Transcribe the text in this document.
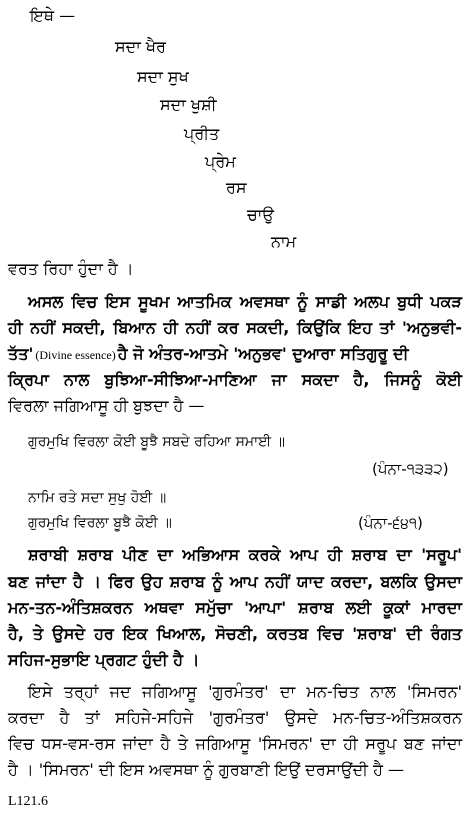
ਇਥੇ —
ਸਦਾ ਖੈਰ
ਸਦਾ ਸੁਖ
ਸਦਾ ਖੁਸ਼ੀ
ਪ੍ਰੀਤ
ਪ੍ਰੇਮ
ਰਸ
ਚਾਉ
ਨਾਮ
ਵਰਤ ਰਿਹਾ ਹੁੰਦਾ ਹੈ ।
ਅਸਲ ਵਿਚ ਇਸ ਸੂਖਮ ਆਤਮਿਕ ਅਵਸਥਾ ਨੂੰ ਸਾਡੀ ਅਲਪ ਬੁਧੀ ਪਕੜ
ਹੀ ਨਹੀਂ ਸਕਦੀ, ਬਿਆਨ ਹੀ ਨਹੀਂ ਕਰ ਸਕਦੀ, ਕਿਉਂਕਿ ਇਹ ਤਾਂ 'ਅਨੁਭਵੀ-
ਤੱਤ' (Divine essence) ਹੈ ਜੋ ਅੰਤਰ-ਆਤਮੇ 'ਅਨੁਭਵ' ਦੁਆਰਾ ਸਤਿਗੁਰੂ ਦੀ
ਕ੍ਰਿਪਾ ਨਾਲ ਬੁਝਿਆ-ਸੀਝਿਆ-ਮਾਣਿਆ ਜਾ ਸਕਦਾ ਹੈ, ਜਿਸਨੂੰ ਕੋਈ
ਵਿਰਲਾ ਜਗਿਆਸੂ ਹੀ ਬੁਝਦਾ ਹੈ —
ਗੁਰਮੁਖਿ ਵਿਰਲਾ ਕੋਈ ਬੂਝੈ ਸਬਦੇ ਰਹਿਆ ਸਮਾਈ ॥
(ਪੰਨਾ-੧੩੩੨)
ਨਾਮਿ ਰਤੇ ਸਦਾ ਸੁਖੁ ਹੋਈ ॥
ਗੁਰਮੁਖਿ ਵਿਰਲਾ ਬੂਝੈ ਕੋਈ ॥	(ਪੰਨਾ-੬੪੧)
ਸ਼ਰਾਬੀ ਸ਼ਰਾਬ ਪੀਣ ਦਾ ਅਭਿਆਸ ਕਰਕੇ ਆਪ ਹੀ ਸ਼ਰਾਬ ਦਾ 'ਸਰੂਪ'
ਬਣ ਜਾਂਦਾ ਹੈ । ਫਿਰ ਉਹ ਸ਼ਰਾਬ ਨੂੰ ਆਪ ਨਹੀਂ ਯਾਦ ਕਰਦਾ, ਬਲਕਿ ਉਸਦਾ
ਮਨ-ਤਨ-ਅੰਤਿਸ਼ਕਰਨ ਅਥਵਾ ਸਮੁੱਚਾ 'ਆਪਾ' ਸ਼ਰਾਬ ਲਈ ਕੂਕਾਂ ਮਾਰਦਾ
ਹੈ, ਤੇ ਉਸਦੇ ਹਰ ਇਕ ਖਿਆਲ, ਸੋਚਣੀ, ਕਰਤਬ ਵਿਚ 'ਸ਼ਰਾਬ' ਦੀ ਰੰਗਤ
ਸਹਿਜ-ਸੁਭਾਇ ਪ੍ਰਗਟ ਹੁੰਦੀ ਹੈ ।
ਇਸੇ ਤਰ੍ਹਾਂ ਜਦ ਜਗਿਆਸੂ 'ਗੁਰਮੰਤਰ' ਦਾ ਮਨ-ਚਿਤ ਨਾਲ 'ਸਿਮਰਨ'
ਕਰਦਾ ਹੈ ਤਾਂ ਸਹਿਜੇ-ਸਹਿਜੇ 'ਗੁਰਮੰਤਰ' ਉਸਦੇ ਮਨ-ਚਿਤ-ਅੰਤਿਸ਼ਕਰਨ
ਵਿਚ ਧਸ-ਵਸ-ਰਸ ਜਾਂਦਾ ਹੈ ਤੇ ਜਗਿਆਸੂ 'ਸਿਮਰਨ' ਦਾ ਹੀ ਸਰੂਪ ਬਣ ਜਾਂਦਾ
ਹੈ । 'ਸਿਮਰਨ' ਦੀ ਇਸ ਅਵਸਥਾ ਨੂੰ ਗੁਰਬਾਣੀ ਇਉਂ ਦਰਸਾਉਂਦੀ ਹੈ —
L121.6
